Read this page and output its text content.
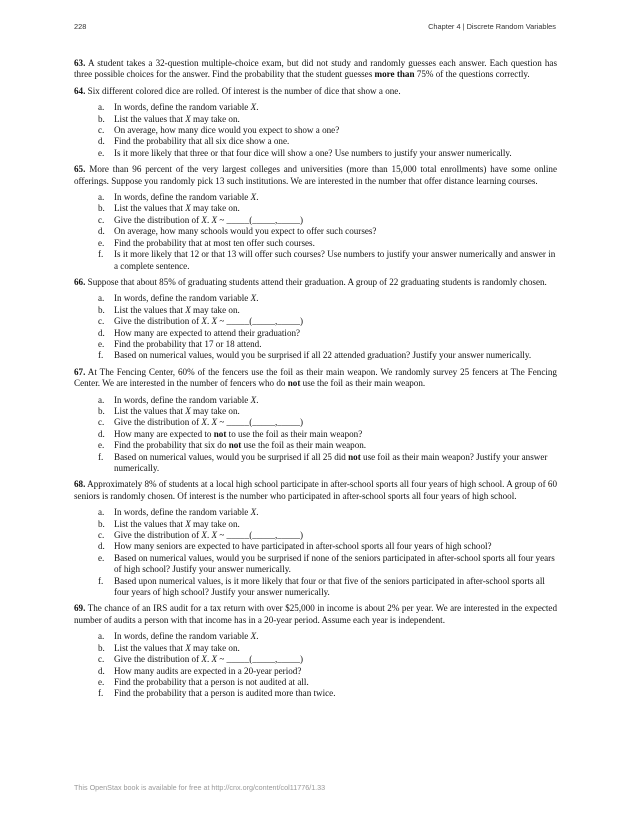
228	Chapter 4 | Discrete Random Variables

63. A student takes a 32-question multiple-choice exam, but did not study and randomly guesses each answer. Each question has three possible choices for the answer. Find the probability that the student guesses more than 75% of the questions correctly.

64. Six different colored dice are rolled. Of interest is the number of dice that show a one.

a. In words, define the random variable X.
b. List the values that X may take on.
c. On average, how many dice would you expect to show a one?
d. Find the probability that all six dice show a one.
e. Is it more likely that three or that four dice will show a one? Use numbers to justify your answer numerically.

65. More than 96 percent of the very largest colleges and universities (more than 15,000 total enrollments) have some online offerings. Suppose you randomly pick 13 such institutions. We are interested in the number that offer distance learning courses.

a. In words, define the random variable X.
b. List the values that X may take on.
c. Give the distribution of X. X ~ _____(_____,_____)
d. On average, how many schools would you expect to offer such courses?
e. Find the probability that at most ten offer such courses.
f. Is it more likely that 12 or that 13 will offer such courses? Use numbers to justify your answer numerically and answer in a complete sentence.

66. Suppose that about 85% of graduating students attend their graduation. A group of 22 graduating students is randomly chosen.

a. In words, define the random variable X.
b. List the values that X may take on.
c. Give the distribution of X. X ~ _____(_____,_____)
d. How many are expected to attend their graduation?
e. Find the probability that 17 or 18 attend.
f. Based on numerical values, would you be surprised if all 22 attended graduation? Justify your answer numerically.

67. At The Fencing Center, 60% of the fencers use the foil as their main weapon. We randomly survey 25 fencers at The Fencing Center. We are interested in the number of fencers who do not use the foil as their main weapon.

a. In words, define the random variable X.
b. List the values that X may take on.
c. Give the distribution of X. X ~ _____(_____,_____)
d. How many are expected to not to use the foil as their main weapon?
e. Find the probability that six do not use the foil as their main weapon.
f. Based on numerical values, would you be surprised if all 25 did not use foil as their main weapon? Justify your answer numerically.

68. Approximately 8% of students at a local high school participate in after-school sports all four years of high school. A group of 60 seniors is randomly chosen. Of interest is the number who participated in after-school sports all four years of high school.

a. In words, define the random variable X.
b. List the values that X may take on.
c. Give the distribution of X. X ~ _____(_____,_____)
d. How many seniors are expected to have participated in after-school sports all four years of high school?
e. Based on numerical values, would you be surprised if none of the seniors participated in after-school sports all four years of high school? Justify your answer numerically.
f. Based upon numerical values, is it more likely that four or that five of the seniors participated in after-school sports all four years of high school? Justify your answer numerically.

69. The chance of an IRS audit for a tax return with over $25,000 in income is about 2% per year. We are interested in the expected number of audits a person with that income has in a 20-year period. Assume each year is independent.

a. In words, define the random variable X.
b. List the values that X may take on.
c. Give the distribution of X. X ~ _____(_____,_____)
d. How many audits are expected in a 20-year period?
e. Find the probability that a person is not audited at all.
f. Find the probability that a person is audited more than twice.
This OpenStax book is available for free at http://cnx.org/content/col11776/1.33
